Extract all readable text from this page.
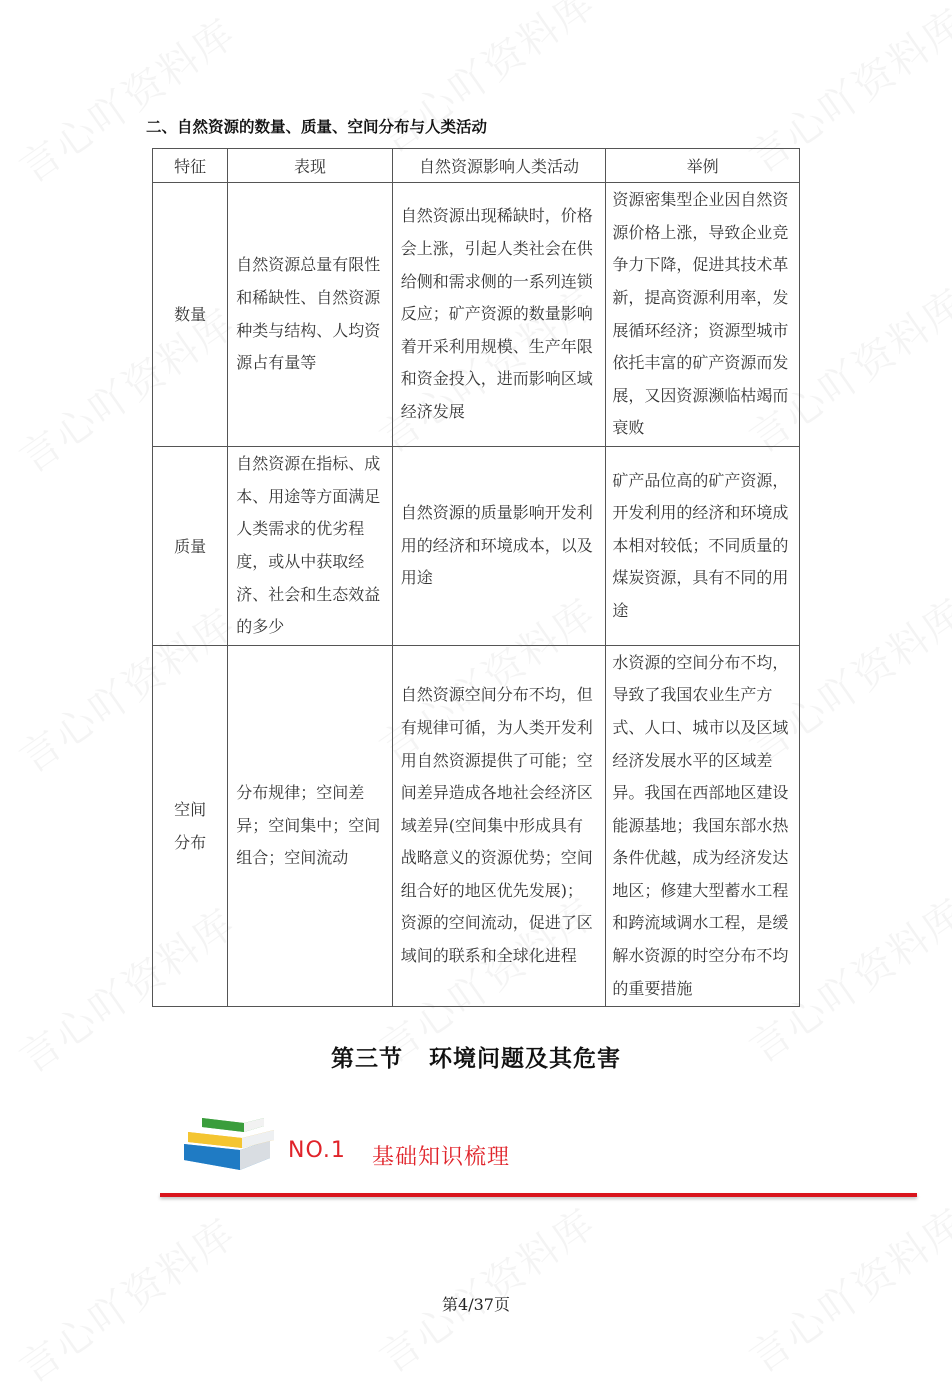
二、自然资源的数量、质量、空间分布与人类活动
特征	表现	自然资源影响人类活动	举例
数量	自然资源总量有限性和稀缺性、自然资源种类与结构、人均资源占有量等	自然资源出现稀缺时，价格会上涨，引起人类社会在供给侧和需求侧的一系列连锁反应；矿产资源的数量影响着开采利用规模、生产年限和资金投入，进而影响区域经济发展	资源密集型企业因自然资源价格上涨，导致企业竞争力下降，促进其技术革新，提高资源利用率，发展循环经济；资源型城市依托丰富的矿产资源而发展，又因资源濒临枯竭而衰败
质量	自然资源在指标、成本、用途等方面满足人类需求的优劣程度，或从中获取经济、社会和生态效益的多少	自然资源的质量影响开发利用的经济和环境成本，以及用途	矿产品位高的矿产资源，开发利用的经济和环境成本相对较低；不同质量的煤炭资源，具有不同的用途
空间
分布	分布规律；空间差异；空间集中；空间组合；空间流动	自然资源空间分布不均，但有规律可循，为人类开发利用自然资源提供了可能；空间差异造成各地社会经济区域差异(空间集中形成具有战略意义的资源优势；空间组合好的地区优先发展)；资源的空间流动，促进了区域间的联系和全球化进程	水资源的空间分布不均，导致了我国农业生产方式、人口、城市以及区域经济发展水平的区域差异。我国在西部地区建设能源基地；我国东部水热条件优越，成为经济发达地区；修建大型蓄水工程和跨流域调水工程，是缓解水资源的时空分布不均的重要措施
第三节 环境问题及其危害
NO.1 基础知识梳理
第4/37页
